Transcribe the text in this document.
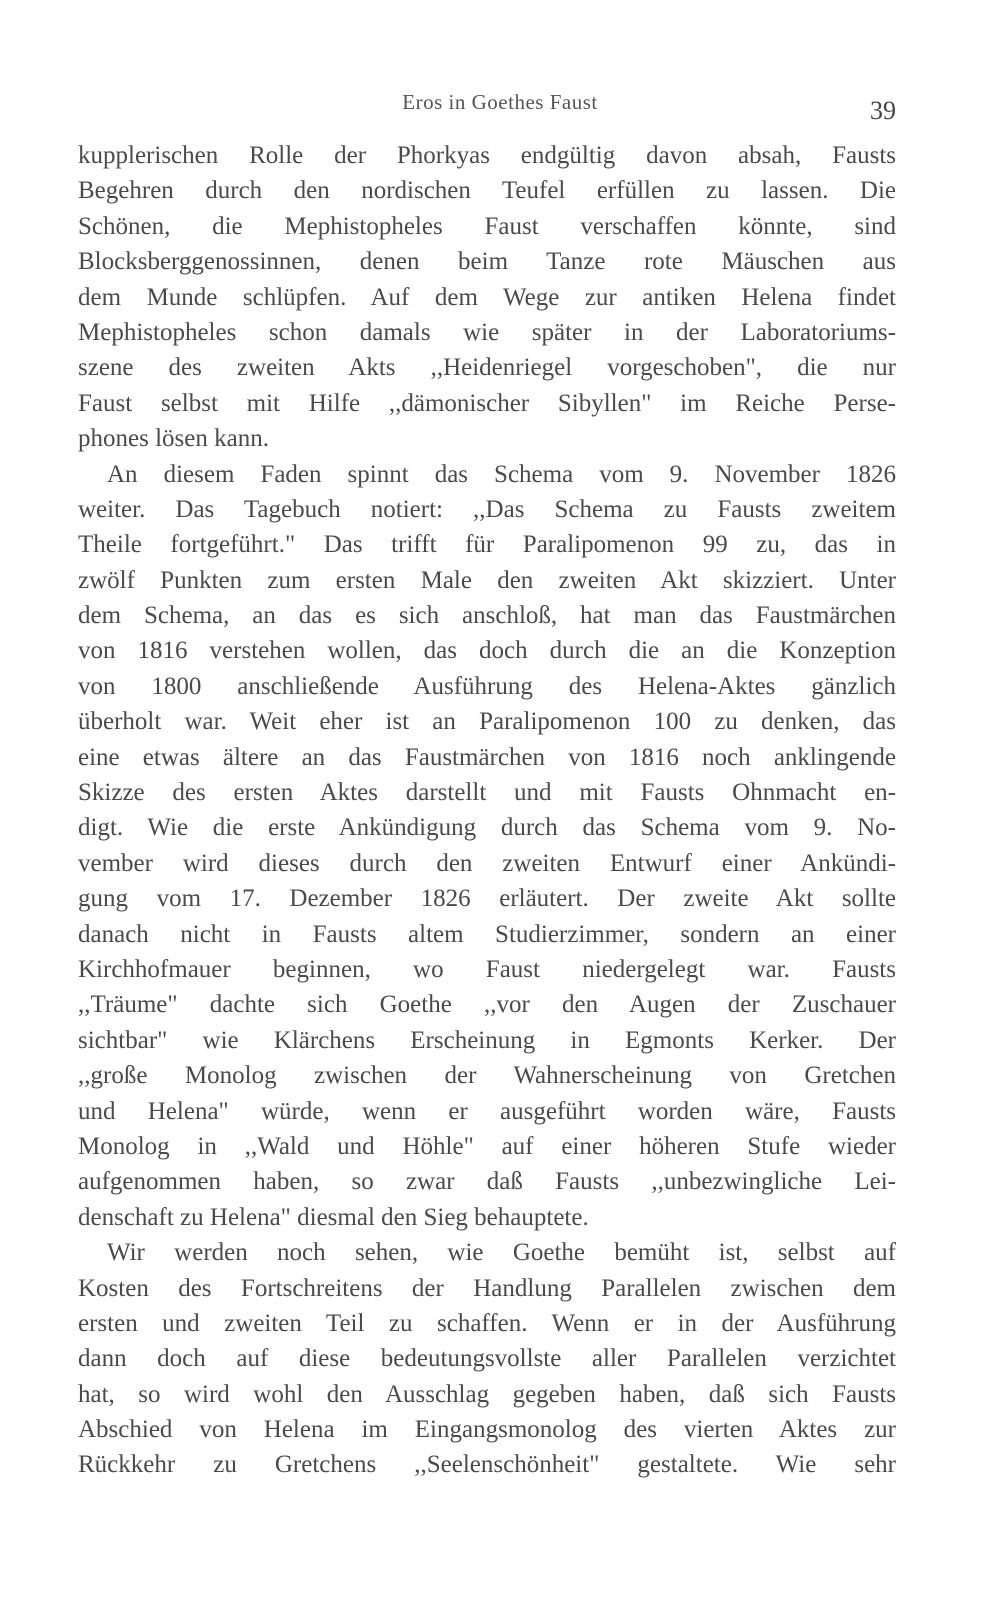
Eros in Goethes Faust	39
kupplerischen Rolle der Phorkyas endgültig davon absah, Fausts
Begehren durch den nordischen Teufel erfüllen zu lassen. Die
Schönen, die Mephistopheles Faust verschaffen könnte, sind
Blocksberggenossinnen, denen beim Tanze rote Mäuschen aus
dem Munde schlüpfen. Auf dem Wege zur antiken Helena findet
Mephistopheles schon damals wie später in der Laboratoriums-
szene des zweiten Akts ,,Heidenriegel vorgeschoben", die nur
Faust selbst mit Hilfe ,,dämonischer Sibyllen" im Reiche Perse-
phones lösen kann.
An diesem Faden spinnt das Schema vom 9. November 1826
weiter. Das Tagebuch notiert: ,,Das Schema zu Fausts zweitem
Theile fortgeführt." Das trifft für Paralipomenon 99 zu, das in
zwölf Punkten zum ersten Male den zweiten Akt skizziert. Unter
dem Schema, an das es sich anschloß, hat man das Faustmärchen
von 1816 verstehen wollen, das doch durch die an die Konzeption
von 1800 anschließende Ausführung des Helena-Aktes gänzlich
überholt war. Weit eher ist an Paralipomenon 100 zu denken, das
eine etwas ältere an das Faustmärchen von 1816 noch anklingende
Skizze des ersten Aktes darstellt und mit Fausts Ohnmacht en-
digt. Wie die erste Ankündigung durch das Schema vom 9. No-
vember wird dieses durch den zweiten Entwurf einer Ankündi-
gung vom 17. Dezember 1826 erläutert. Der zweite Akt sollte
danach nicht in Fausts altem Studierzimmer, sondern an einer
Kirchhofmauer beginnen, wo Faust niedergelegt war. Fausts
,,Träume" dachte sich Goethe ,,vor den Augen der Zuschauer
sichtbar" wie Klärchens Erscheinung in Egmonts Kerker. Der
,,große Monolog zwischen der Wahnerscheinung von Gretchen
und Helena" würde, wenn er ausgeführt worden wäre, Fausts
Monolog in ,,Wald und Höhle" auf einer höheren Stufe wieder
aufgenommen haben, so zwar daß Fausts ,,unbezwingliche Lei-
denschaft zu Helena" diesmal den Sieg behauptete.
Wir werden noch sehen, wie Goethe bemüht ist, selbst auf
Kosten des Fortschreitens der Handlung Parallelen zwischen dem
ersten und zweiten Teil zu schaffen. Wenn er in der Ausführung
dann doch auf diese bedeutungsvollste aller Parallelen verzichtet
hat, so wird wohl den Ausschlag gegeben haben, daß sich Fausts
Abschied von Helena im Eingangsmonolog des vierten Aktes zur
Rückkehr zu Gretchens ,,Seelenschönheit" gestaltete. Wie sehr
